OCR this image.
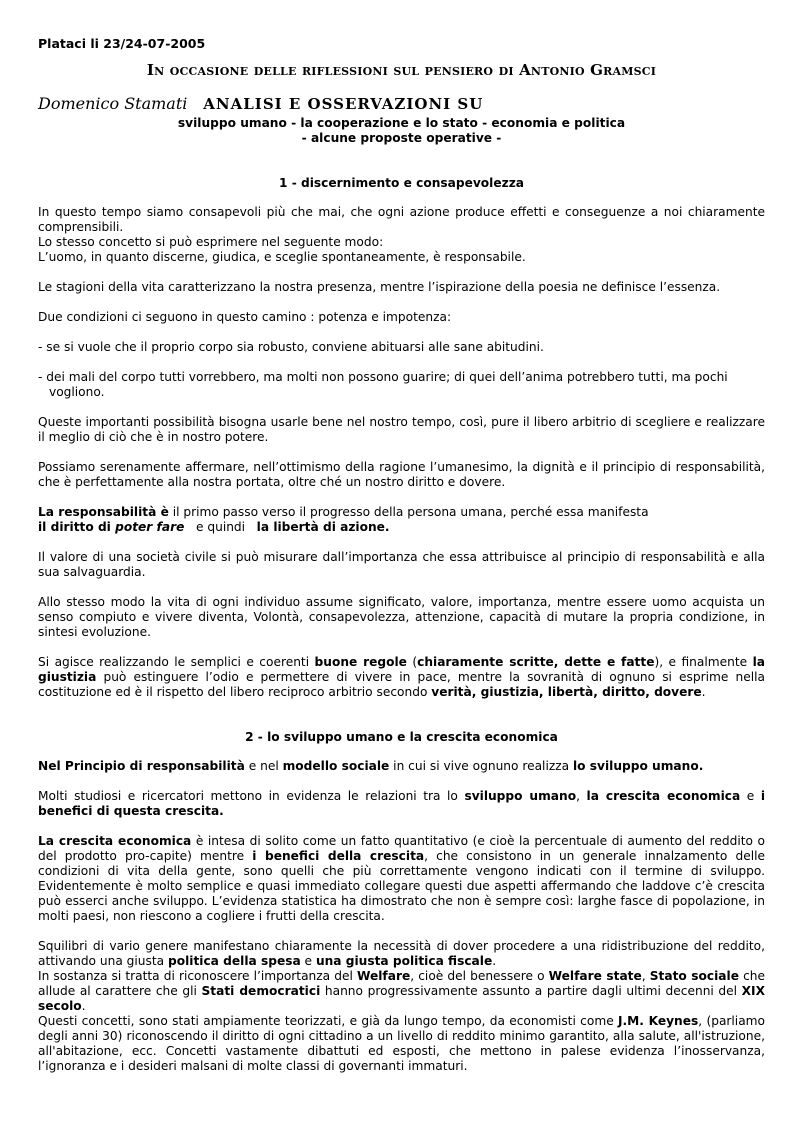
Plataci li 23/24-07-2005
In occasione delle riflessioni sul pensiero di Antonio Gramsci
Domenico Stamati ANALISI E OSSERVAZIONI SU
sviluppo umano - la cooperazione e lo stato - economia e politica
- alcune proposte operative -
1 - discernimento e consapevolezza

In questo tempo siamo consapevoli più che mai, che ogni azione produce effetti e conseguenze a noi chiaramente comprensibili.

Lo stesso concetto si può esprimere nel seguente modo:

L’uomo, in quanto discerne, giudica, e sceglie spontaneamente, è responsabile.

Le stagioni della vita caratterizzano la nostra presenza, mentre l’ispirazione della poesia ne definisce l’essenza.

Due condizioni ci seguono in questo camino : potenza e impotenza:

- se si vuole che il proprio corpo sia robusto, conviene abituarsi alle sane abitudini.

- dei mali del corpo tutti vorrebbero, ma molti non possono guarire; di quei dell’anima potrebbero tutti, ma pochi

vogliono.

Queste importanti possibilità bisogna usarle bene nel nostro tempo, così, pure il libero arbitrio di scegliere e realizzare il meglio di ciò che è in nostro potere.

Possiamo serenamente affermare, nell’ottimismo della ragione l’umanesimo, la dignità e il principio di responsabilità, che è perfettamente alla nostra portata, oltre ché un nostro diritto e dovere.

La responsabilità è il primo passo verso il progresso della persona umana, perché essa manifesta
il diritto di poter fare   e quindi   la libertà di azione.

Il valore di una società civile si può misurare dall’importanza che essa attribuisce al principio di responsabilità e alla sua salvaguardia.

Allo stesso modo la vita di ogni individuo assume significato, valore, importanza, mentre essere uomo acquista un senso compiuto e vivere diventa, Volontà, consapevolezza, attenzione, capacità di mutare la propria condizione, in sintesi evoluzione.

Si agisce realizzando le semplici e coerenti buone regole (chiaramente scritte, dette e fatte), e finalmente la giustizia può estinguere l’odio e permettere di vivere in pace, mentre la sovranità di ognuno si esprime nella costituzione ed è il rispetto del libero reciproco arbitrio secondo verità, giustizia, libertà, diritto, dovere.

2 - lo sviluppo umano e la crescita economica

Nel Principio di responsabilità e nel modello sociale in cui si vive ognuno realizza lo sviluppo umano.

Molti studiosi e ricercatori mettono in evidenza le relazioni tra lo sviluppo umano, la crescita economica e i benefici di questa crescita.

La crescita economica è intesa di solito come un fatto quantitativo (e cioè la percentuale di aumento del reddito o del prodotto pro-capite) mentre i benefici della crescita, che consistono in un generale innalzamento delle condizioni di vita della gente, sono quelli che più correttamente vengono indicati con il termine di sviluppo. Evidentemente è molto semplice e quasi immediato collegare questi due aspetti affermando che laddove c’è crescita può esserci anche sviluppo. L’evidenza statistica ha dimostrato che non è sempre così: larghe fasce di popolazione, in molti paesi, non riescono a cogliere i frutti della crescita.

Squilibri di vario genere manifestano chiaramente la necessità di dover procedere a una ridistribuzione del reddito, attivando una giusta politica della spesa e una giusta politica fiscale.

In sostanza si tratta di riconoscere l’importanza del Welfare, cioè del benessere o Welfare state, Stato sociale che allude al carattere che gli Stati democratici hanno progressivamente assunto a partire dagli ultimi decenni del XIX secolo.

Questi concetti, sono stati ampiamente teorizzati, e già da lungo tempo, da economisti come J.M. Keynes, (parliamo degli anni 30) riconoscendo il diritto di ogni cittadino a un livello di reddito minimo garantito, alla salute, all'istruzione, all'abitazione, ecc. Concetti vastamente dibattuti ed esposti, che mettono in palese evidenza l’inosservanza, l’ignoranza e i desideri malsani di molte classi di governanti immaturi.
